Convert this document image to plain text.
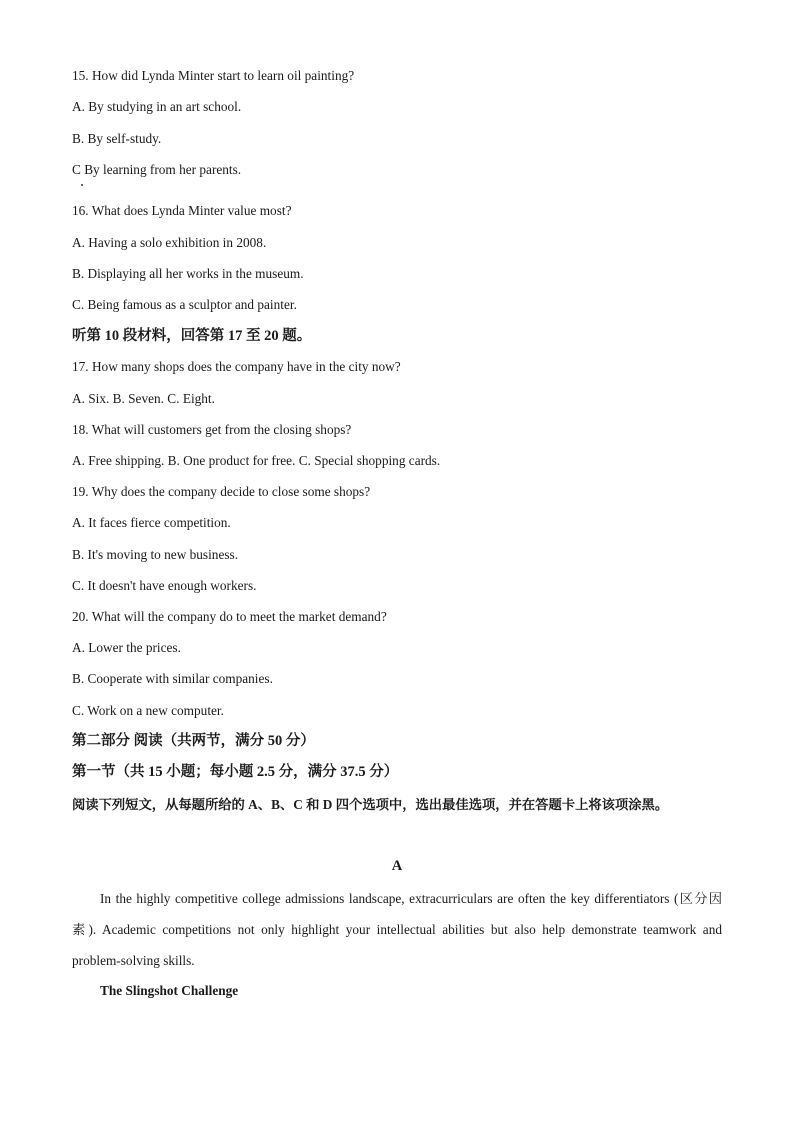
15. How did Lynda Minter start to learn oil painting?
A. By studying in an art school.
B. By self-study.
C By learning from her parents.
16. What does Lynda Minter value most?
A. Having a solo exhibition in 2008.
B. Displaying all her works in the museum.
C. Being famous as a sculptor and painter.
听第 10 段材料，回答第 17 至 20 题。
17. How many shops does the company have in the city now?
A. Six. B. Seven. C. Eight.
18. What will customers get from the closing shops?
A. Free shipping. B. One product for free. C. Special shopping cards.
19. Why does the company decide to close some shops?
A. It faces fierce competition.
B. It's moving to new business.
C. It doesn't have enough workers.
20. What will the company do to meet the market demand?
A. Lower the prices.
B. Cooperate with similar companies.
C. Work on a new computer.
第二部分 阅读（共两节，满分 50 分）
第一节（共 15 小题；每小题 2.5 分，满分 37.5 分）
阅读下列短文，从每题所给的 A、B、C 和 D 四个选项中，选出最佳选项，并在答题卡上将该项涂黑。
A
In the highly competitive college admissions landscape, extracurriculars are often the key differentiators (区分因素). Academic competitions not only highlight your intellectual abilities but also help demonstrate teamwork and problem-solving skills.
The Slingshot Challenge
